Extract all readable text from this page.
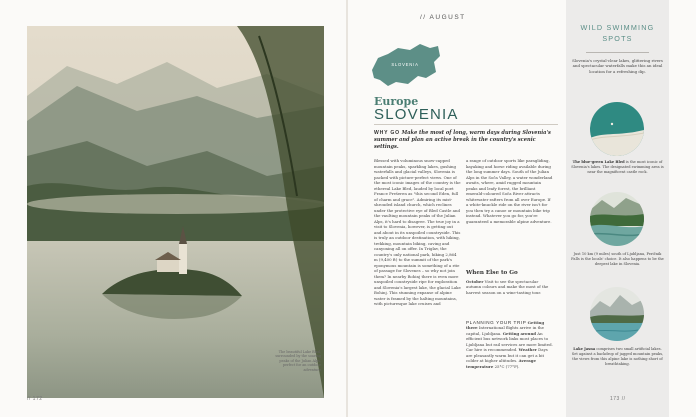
The beautiful Lake Bled, surrounded by the soaring peaks of the Julian Alps, perfect for an outdoor adventure
// 172
// AUGUST
SLOVENIA
Europe
SLOVENIA
WHY GO Make the most of long, warm days during Slovenia's summer and plan an active break in the country's scenic settings.

Blessed with voluminous snow-capped mountain peaks, sparkling lakes, gushing waterfalls and glacial valleys, Slovenia is packed with picture-perfect views. One of the most iconic images of the country is the ethereal Lake Bled, lauded by local poet France Prešeren as "this second Eden, full of charm and grace". Admiring its mist-shrouded island church, which reclines under the protective eye of Bled Castle and the vaulting mountain peaks of the Julian Alps, it's hard to disagree. The true joy in a visit to Slovenia, however, is getting out and about in its unspoiled countryside. This is truly an outdoor destination, with hiking, trekking, mountain biking, caving and canyoning all on offer. In Triglav, the country's only national park, hiking 2,864 m (9,400 ft) to the summit of the park's eponymous mountain is something of a rite of passage for Slovenes – so why not join them? In nearby Bohinj there is even more unspoiled countryside ripe for exploration and Slovenia's largest lake, the glacial Lake Bohinj. This stunning expanse of alpine water is framed by the halting mountains, with picturesque lake cruises and

a range of outdoor sports like paragliding, kayaking and horse riding available during the long summer days. South of the Julian Alps in the Soča Valley, a water wonderland awaits, where, amid rugged mountain peaks and leafy forest, the brilliant emerald-coloured Soča River attracts whitewater rafters from all over Europe. If a white-knuckle ride on the river isn't for you then try a canoe or mountain bike trip instead. Whatever you go for, you're guaranteed a memorable alpine adventure.

When Else to Go

October Visit to see the spectacular autumn colours and make the most of the harvest season on a wine-tasting tour.

PLANNING YOUR TRIP Getting there International flights arrive in the capital, Ljubljana. Getting around An efficient bus network links most places to Ljubljana but rail services are more limited. Car hire is recommended. Weather Days are pleasantly warm but it can get a bit colder at higher altitudes. Average temperature 25°C (77°F).

WILD SWIMMING SPOTS
Slovenia's crystal-clear lakes, glittering rivers and spectacular waterfalls make this an ideal location for a refreshing dip.
The blue-green Lake Bled is the most iconic of Slovenia's lakes. The designated swimming area is near the magnificent castle rock.
Just 10 km (9 miles) south of Ljubljana, Peričnik Falls is the locals' choice. It also happens to be the deepest lake in Slovenia.
Lake Jasna comprises two small artificial lakes. Set against a backdrop of jagged mountain peaks, the views from this alpine lake is nothing short of breathtaking.
173 //
